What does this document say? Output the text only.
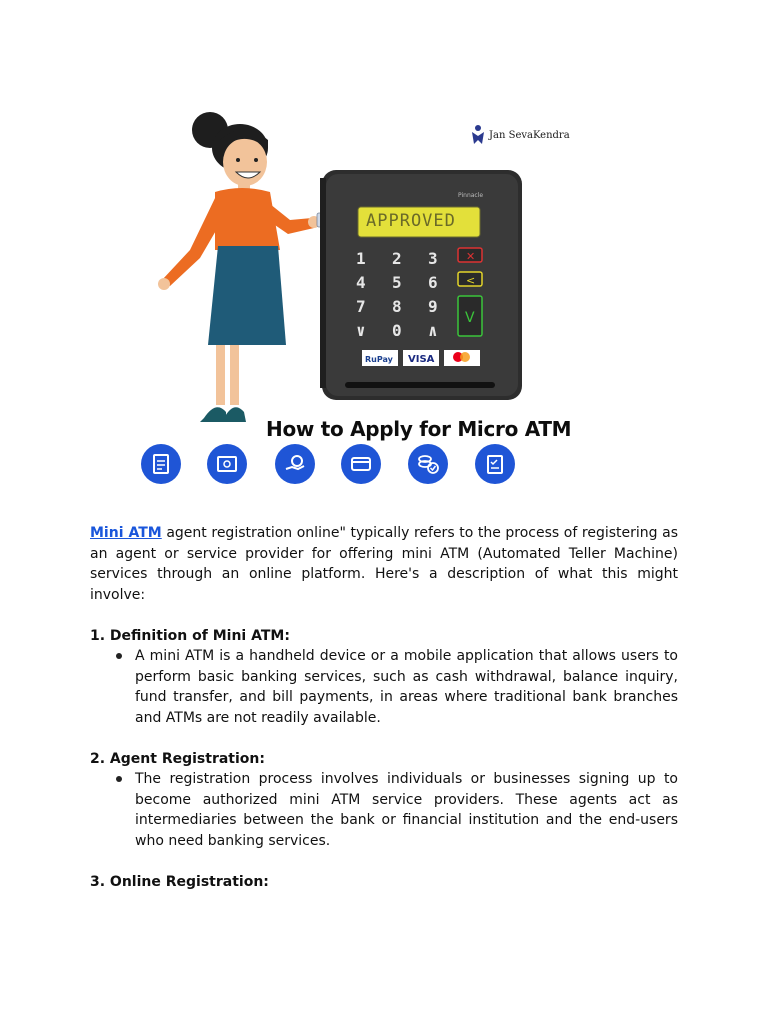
1 2 3
4 5 6
7 8 9
∨ 0 ∧
✕
<
V
RuPay VISA
APPROVED
Pinnacle
Jan SevaKendra
How to Apply for Micro ATM

Mini ATM agent registration online" typically refers to the process of registering as an agent or service provider for offering mini ATM (Automated Teller Machine) services through an online platform. Here's a description of what this might involve:

1. Definition of Mini ATM:

A mini ATM is a handheld device or a mobile application that allows users to perform basic banking services, such as cash withdrawal, balance inquiry, fund transfer, and bill payments, in areas where traditional bank branches and ATMs are not readily available.

2. Agent Registration:

The registration process involves individuals or businesses signing up to become authorized mini ATM service providers. These agents act as intermediaries between the bank or financial institution and the end-users who need banking services.

3. Online Registration:
